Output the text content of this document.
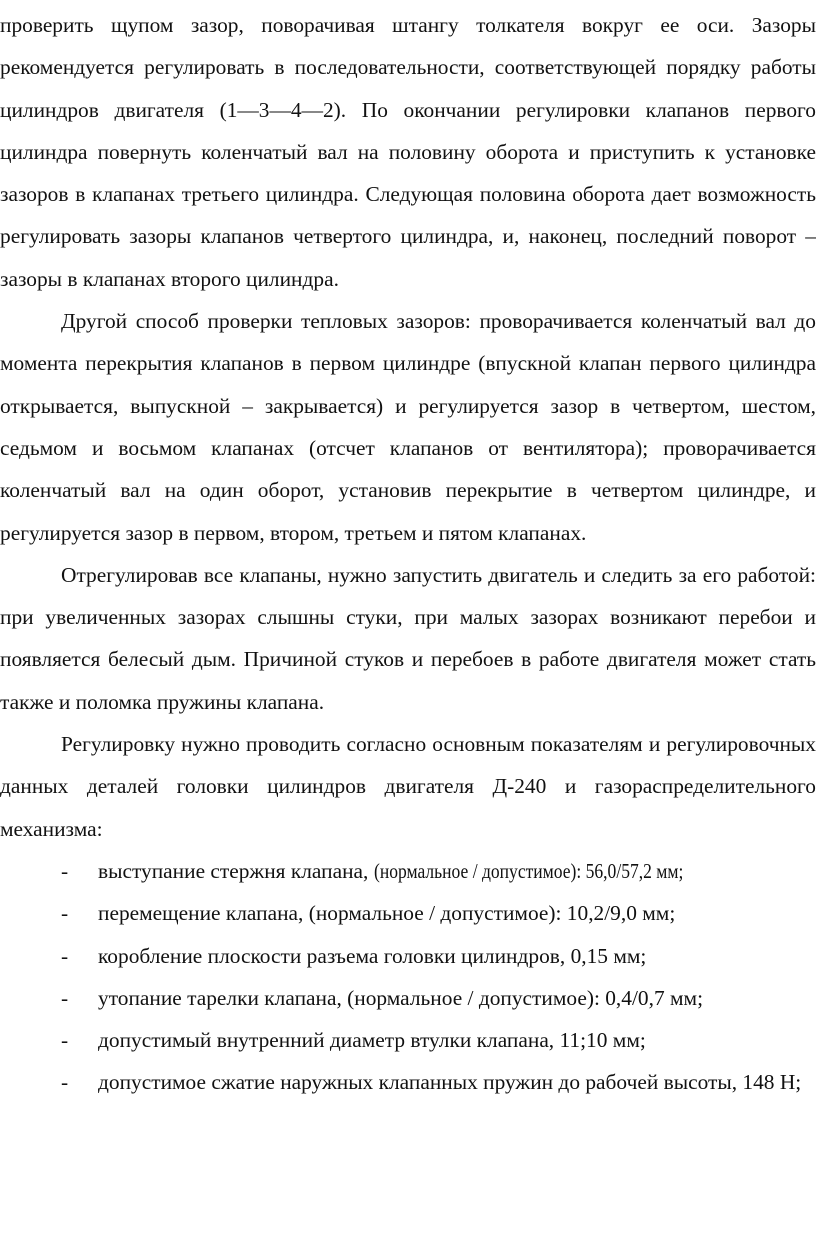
проверить щупом зазор, поворачивая штангу толкателя вокруг ее оси. Зазоры рекомендуется регулировать в последовательности, соответствующей порядку работы цилиндров двигателя (1—3—4—2). По окончании регулировки клапанов первого цилиндра повернуть коленчатый вал на половину оборота и приступить к установке зазоров в клапанах третьего цилиндра. Следующая половина оборота дает возможность регулировать зазоры клапанов четвертого цилиндра, и, наконец, последний поворот – зазоры в клапанах второго цилиндра.

Другой способ проверки тепловых зазоров: проворачивается коленчатый вал до момента перекрытия клапанов в первом цилиндре (впускной клапан первого цилиндра открывается, выпускной – закрывается) и регулируется зазор в четвертом, шестом, седьмом и восьмом клапанах (отсчет клапанов от вентилятора); проворачивается коленчатый вал на один оборот, установив перекрытие в четвертом цилиндре, и регулируется зазор в первом, втором, третьем и пятом клапанах.

Отрегулировав все клапаны, нужно запустить двигатель и следить за его работой: при увеличенных зазорах слышны стуки, при малых зазорах возникают перебои и появляется белесый дым. Причиной стуков и перебоев в работе двигателя может стать также и поломка пружины клапана.

Регулировку нужно проводить согласно основным показателям и регулировочных данных деталей головки цилиндров двигателя Д-240 и газораспределительного механизма:

- выступание стержня клапана, (нормальное / допустимое): 56,0/57,2 мм;

- перемещение клапана, (нормальное / допустимое): 10,2/9,0 мм;

- коробление плоскости разъема головки цилиндров, 0,15 мм;

- утопание тарелки клапана, (нормальное / допустимое): 0,4/0,7 мм;

- допустимый внутренний диаметр втулки клапана, 11;10 мм;

- допустимое сжатие наружных клапанных пружин до рабочей высоты, 148 Н;
